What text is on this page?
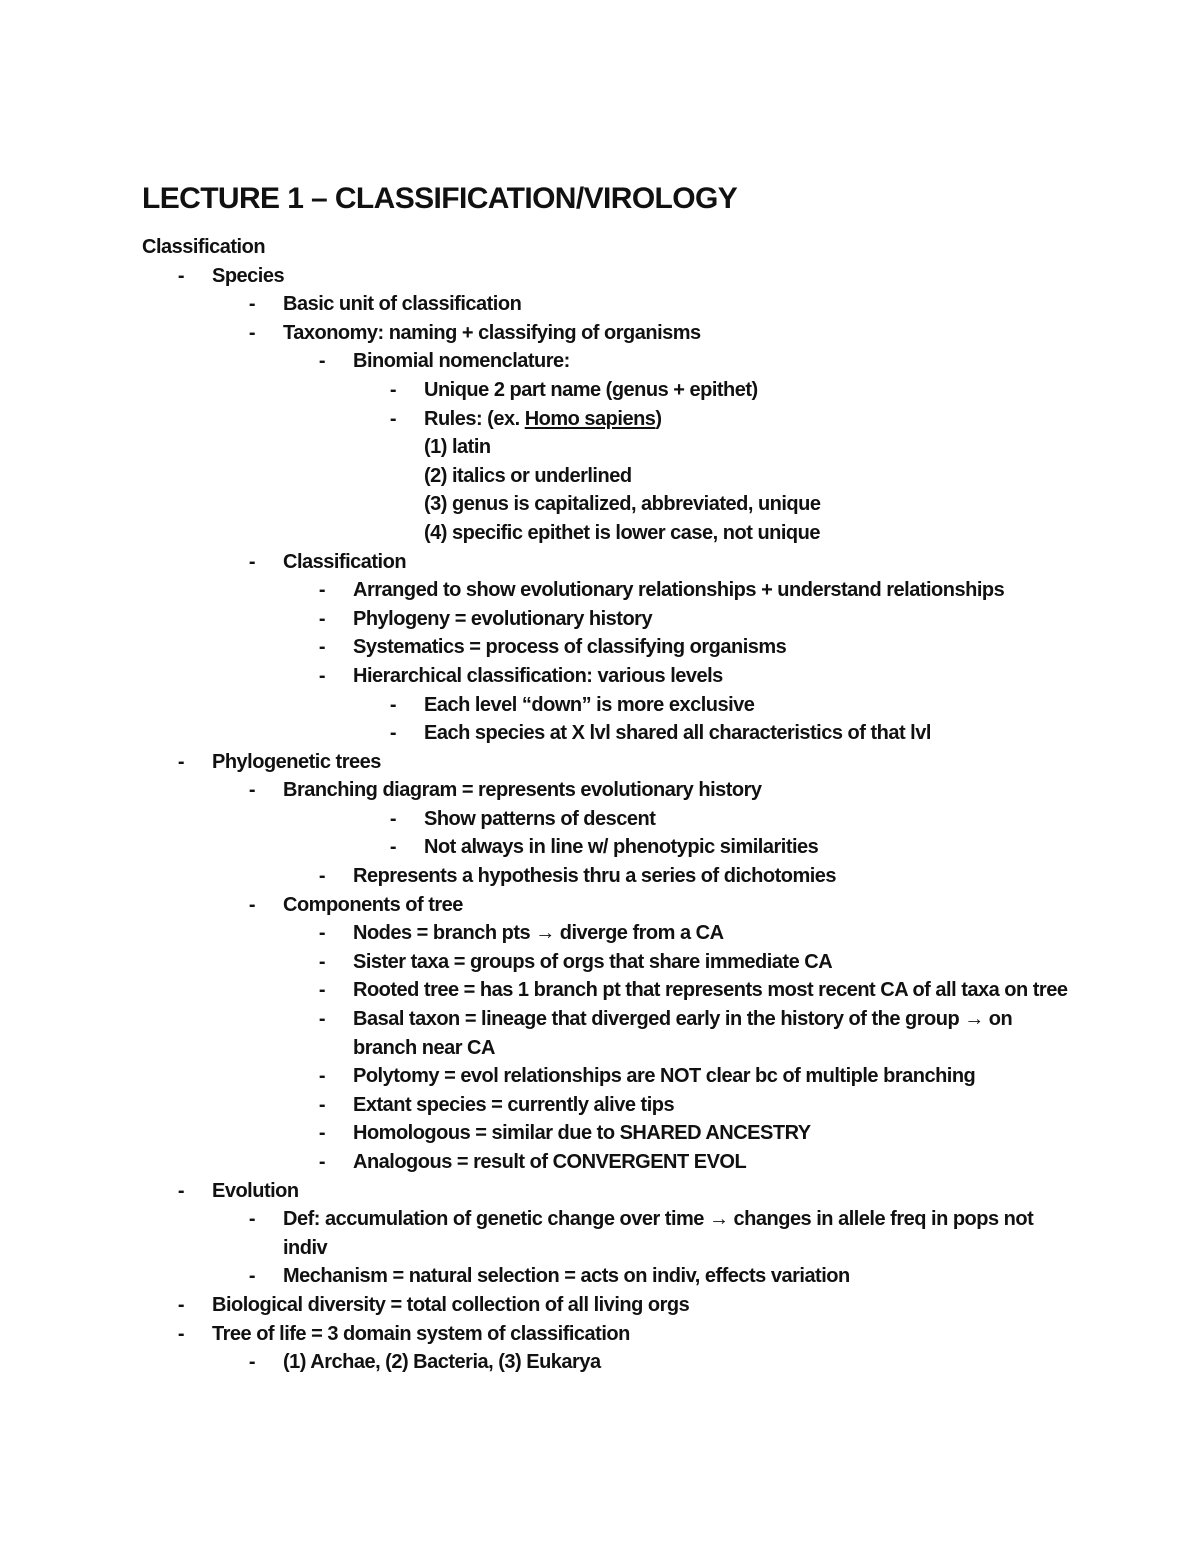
LECTURE 1 – CLASSIFICATION/VIROLOGY
Classification
-	Species
-	Basic unit of classification
-	Taxonomy: naming + classifying of organisms
-	Binomial nomenclature:
-	Unique 2 part name (genus + epithet)
-	Rules: (ex. Homo sapiens)
(1) latin
(2) italics or underlined
(3) genus is capitalized, abbreviated, unique
(4) specific epithet is lower case, not unique
-	Classification
-	Arranged to show evolutionary relationships + understand relationships
-	Phylogeny = evolutionary history
-	Systematics = process of classifying organisms
-	Hierarchical classification: various levels
-	Each level “down” is more exclusive
-	Each species at X lvl shared all characteristics of that lvl
-	Phylogenetic trees
-	Branching diagram = represents evolutionary history
-	Show patterns of descent
-	Not always in line w/ phenotypic similarities
-	Represents a hypothesis thru a series of dichotomies
-	Components of tree
-	Nodes = branch pts → diverge from a CA
-	Sister taxa = groups of orgs that share immediate CA
-	Rooted tree = has 1 branch pt that represents most recent CA of all taxa on tree
-	Basal taxon = lineage that diverged early in the history of the group → on branch near CA
-	Polytomy = evol relationships are NOT clear bc of multiple branching
-	Extant species = currently alive tips
-	Homologous = similar due to SHARED ANCESTRY
-	Analogous = result of CONVERGENT EVOL
-	Evolution
-	Def: accumulation of genetic change over time → changes in allele freq in pops not indiv
-	Mechanism = natural selection = acts on indiv, effects variation
-	Biological diversity = total collection of all living orgs
-	Tree of life = 3 domain system of classification
-	(1) Archae, (2) Bacteria, (3) Eukarya
